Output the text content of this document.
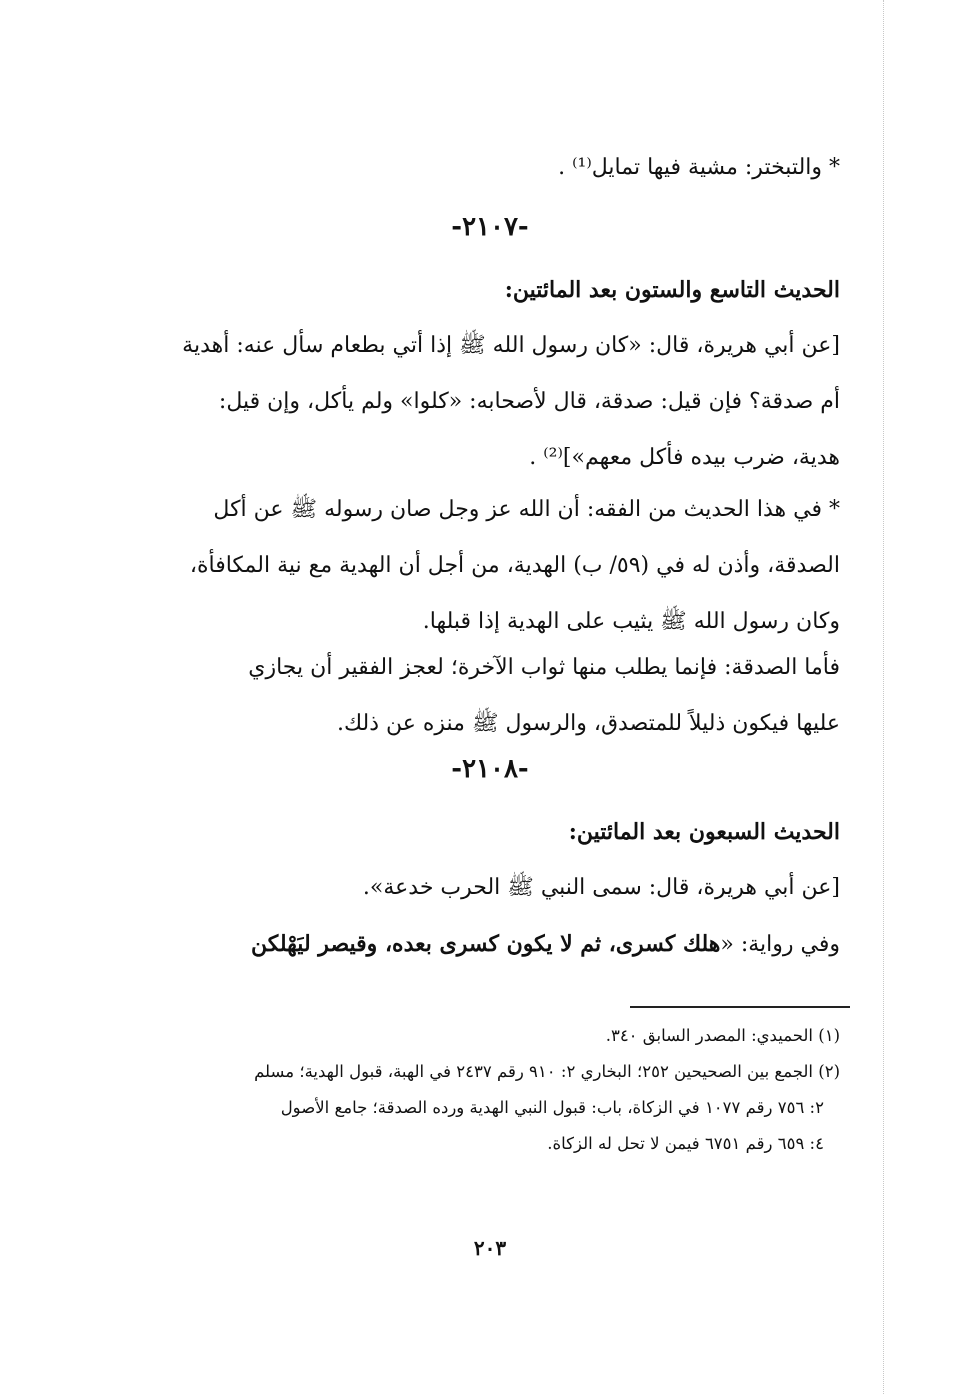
* والتبختر: مشية فيها تمايل⁽¹⁾ .
-٢١٠٧-
الحديث التاسع والستون بعد المائتين:
[عن أبي هريرة، قال: «كان رسول الله ﷺ إذا أتي بطعام سأل عنه: أهدية
أم صدقة؟ فإن قيل: صدقة، قال لأصحابه: «كلوا» ولم يأكل، وإن قيل:
هدية، ضرب بيده فأكل معهم»]⁽²⁾ .
* في هذا الحديث من الفقه: أن الله عز وجل صان رسوله ﷺ عن أكل
الصدقة، وأذن له في (٥٩/ ب) الهدية، من أجل أن الهدية مع نية المكافأة،
وكان رسول الله ﷺ يثيب على الهدية إذا قبلها.
فأما الصدقة: فإنما يطلب منها ثواب الآخرة؛ لعجز الفقير أن يجازي
عليها فيكون ذليلاً للمتصدق، والرسول ﷺ منزه عن ذلك.
-٢١٠٨-
الحديث السبعون بعد المائتين:
[عن أبي هريرة، قال: سمى النبي ﷺ الحرب خدعة».
وفي رواية: «هلك كسرى، ثم لا يكون كسرى بعده، وقيصر ليَهْلكن
(١) الحميدي: المصدر السابق ٣٤٠.
(٢) الجمع بين الصحيحين ٢٥٢؛ البخاري ٢: ٩١٠ رقم ٢٤٣٧ في الهبة، قبول الهدية؛ مسلم
٢: ٧٥٦ رقم ١٠٧٧ في الزكاة، باب: قبول النبي الهدية ورده الصدقة؛ جامع الأصول
٤: ٦٥٩ رقم ٦٧٥١ فيمن لا تحل له الزكاة.
٢٠٣
